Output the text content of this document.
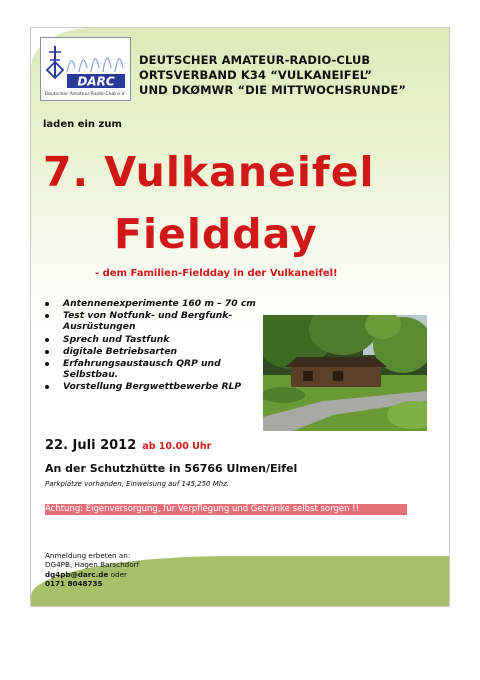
DARC
Deutscher Amateur-Radio-Club e.V.
DEUTSCHER AMATEUR-RADIO-CLUB
ORTSVERBAND K34 “VULKANEIFEL”
UND DKØMWR “DIE MITTWOCHSRUNDE”
laden ein zum
7. Vulkaneifel
Fieldday
- dem Familien-Fieldday in der Vulkaneifel!
Antennenexperimente 160 m – 70 cm
Test von Notfunk- und Bergfunk-Ausrüstungen
Sprech und Tastfunk
digitale Betriebsarten
Erfahrungsaustausch QRP und Selbstbau.
Vorstellung Bergwettbewerbe RLP
22. Juli 2012 ab 10.00 Uhr
An der Schutzhütte in 56766 Ulmen/Eifel
Parkplätze vorhanden, Einweisung auf 145,250 Mhz.
Achtung: Eigenversorgung, für Verpflegung und Getränke selbst sorgen !!
Anmeldung erbeten an:
DG4PB, Hagen Barschdorf
dg4pb@darc.de oder
0171 8048735
